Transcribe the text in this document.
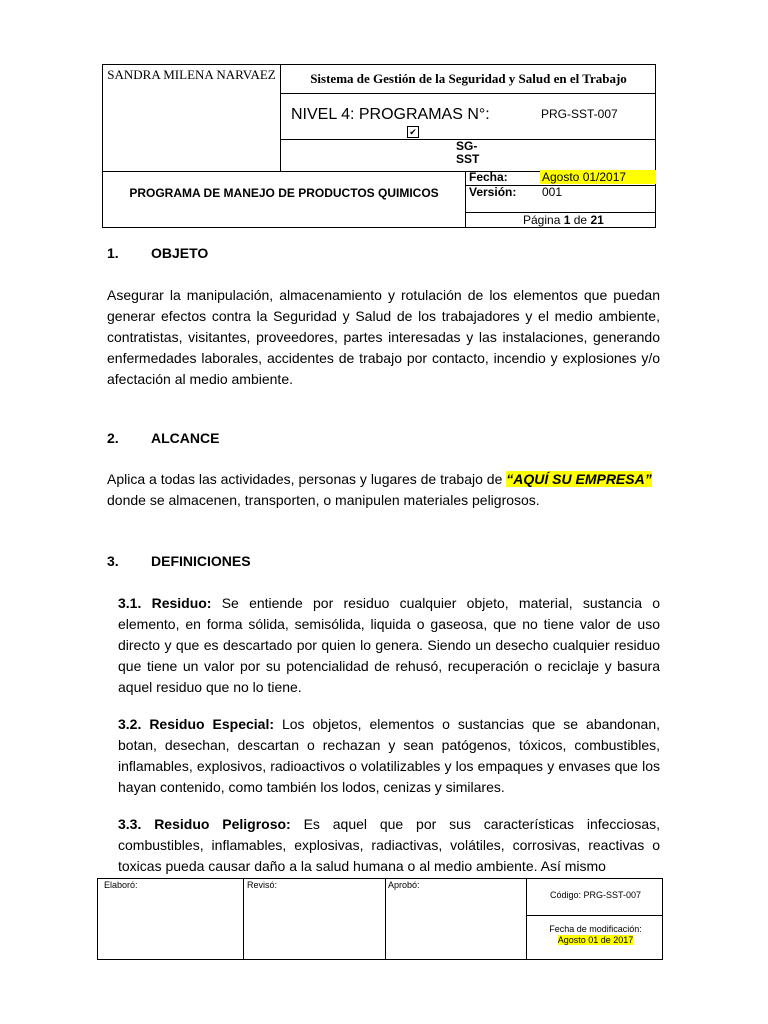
SANDRA MILENA NARVAEZ	Sistema de Gestión de la Seguridad y Salud en el Trabajo
NIVEL 4: PROGRAMAS N°:	PRG-SST-007
✔
SG-SST
PROGRAMA DE MANEJO DE PRODUCTOS QUIMICOS
Fecha:	Agosto 01/2017
Versión: 001
Página 1 de 21
1. OBJETO
Asegurar la manipulación, almacenamiento y rotulación de los elementos que puedan generar efectos contra la Seguridad y Salud de los trabajadores y el medio ambiente, contratistas, visitantes, proveedores, partes interesadas y las instalaciones, generando enfermedades laborales, accidentes de trabajo por contacto, incendio y explosiones y/o afectación al medio ambiente.
2. ALCANCE
Aplica a todas las actividades, personas y lugares de trabajo de “AQUÍ SU EMPRESA” donde se almacenen, transporten, o manipulen materiales peligrosos.
3. DEFINICIONES
3.1. Residuo: Se entiende por residuo cualquier objeto, material, sustancia o elemento, en forma sólida, semisólida, liquida o gaseosa, que no tiene valor de uso directo y que es descartado por quien lo genera. Siendo un desecho cualquier residuo que tiene un valor por su potencialidad de rehusó, recuperación o reciclaje y basura aquel residuo que no lo tiene.
3.2. Residuo Especial: Los objetos, elementos o sustancias que se abandonan, botan, desechan, descartan o rechazan y sean patógenos, tóxicos, combustibles, inflamables, explosivos, radioactivos o volatilizables y los empaques y envases que los hayan contenido, como también los lodos, cenizas y similares.
3.3. Residuo Peligroso: Es aquel que por sus características infecciosas, combustibles, inflamables, explosivas, radiactivas, volátiles, corrosivas, reactivas o toxicas pueda causar daño a la salud humana o al medio ambiente. Así mismo
Elaboró:	Revisó:	Aprobó:
Código: PRG-SST-007
Fecha de modificación:
Agosto 01 de 2017
